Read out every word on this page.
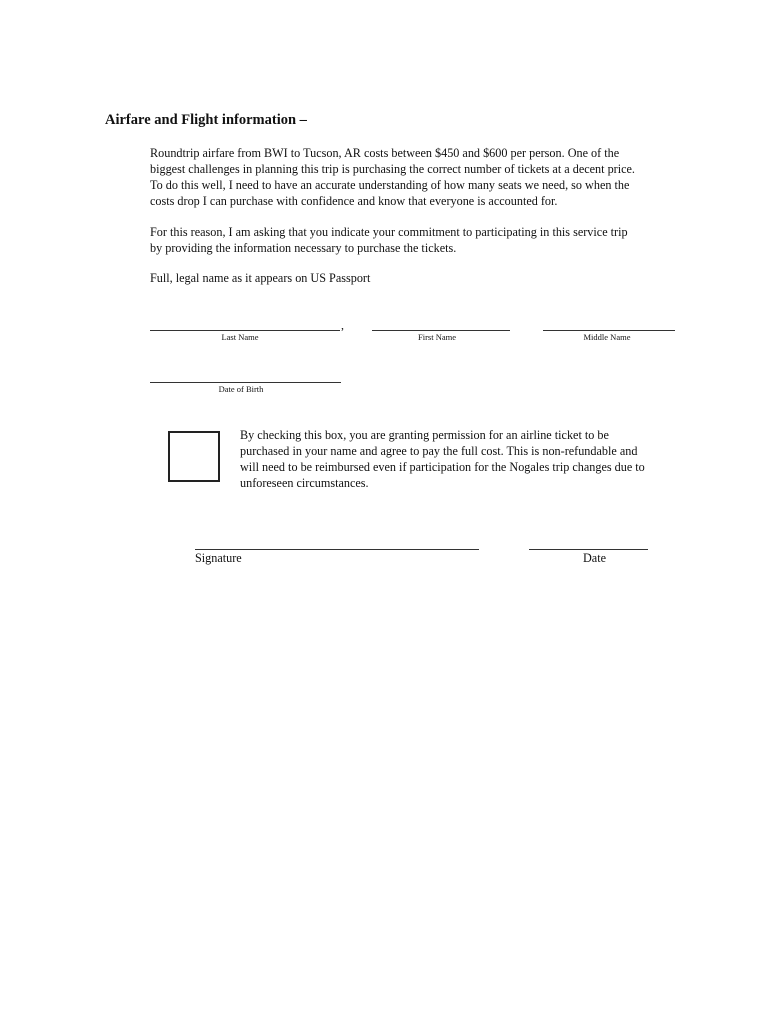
Airfare and Flight information –
Roundtrip airfare from BWI to Tucson, AR costs between $450 and $600 per person. One of the
biggest challenges in planning this trip is purchasing the correct number of tickets at a decent price.
To do this well, I need to have an accurate understanding of how many seats we need, so when the
costs drop I can purchase with confidence and know that everyone is accounted for.
For this reason, I am asking that you indicate your commitment to participating in this service trip
by providing the information necessary to purchase the tickets.
Full, legal name as it appears on US Passport
,
Last Name	First Name	Middle Name
Date of Birth
By checking this box, you are granting permission for an airline ticket to be
purchased in your name and agree to pay the full cost. This is non-refundable and
will need to be reimbursed even if participation for the Nogales trip changes due to
unforeseen circumstances.
Signature	Date
